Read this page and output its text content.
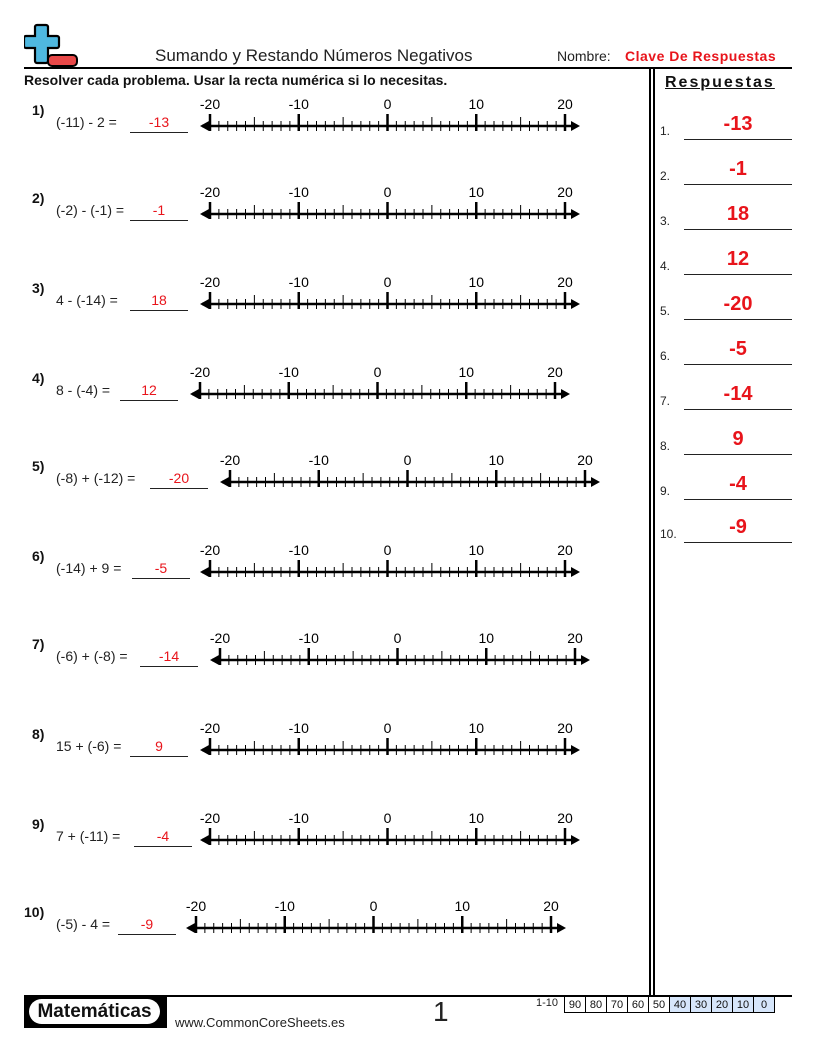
Sumando y Restando Números Negativos	Nombre: Clave De Respuestas
Resolver cada problema. Usar la recta numérica si lo necesitas.	Respuestas
1.	-13
2.	-1
3.	18
4.	12
5.	-20
6.	-5
7.	-14
8.	9
9.	-4
10.	-9
1)
(-11) - 2 =	-13
-20	-10	0	10	20
2)
(-2) - (-1) =	-1
-20	-10	0	10	20
3)
4 - (-14) =	18
-20	-10	0	10	20
4)
8 - (-4) =	12
-20	-10	0	10	20
5)
(-8) + (-12) =	-20
-20	-10	0	10	20
6)
(-14) + 9 =	-5
-20	-10	0	10	20
7)
(-6) + (-8) =	-14
-20	-10	0	10	20
8)
15 + (-6) =	9
-20	-10	0	10	20
9)
7 + (-11) =	-4
-20	-10	0	10	20
10)
(-5) - 4 =	-9
-20	-10	0	10	20
Matemáticas
www.CommonCoreSheets.es	1	1-10 90 80 70 60 50 40 30 20 10	0
